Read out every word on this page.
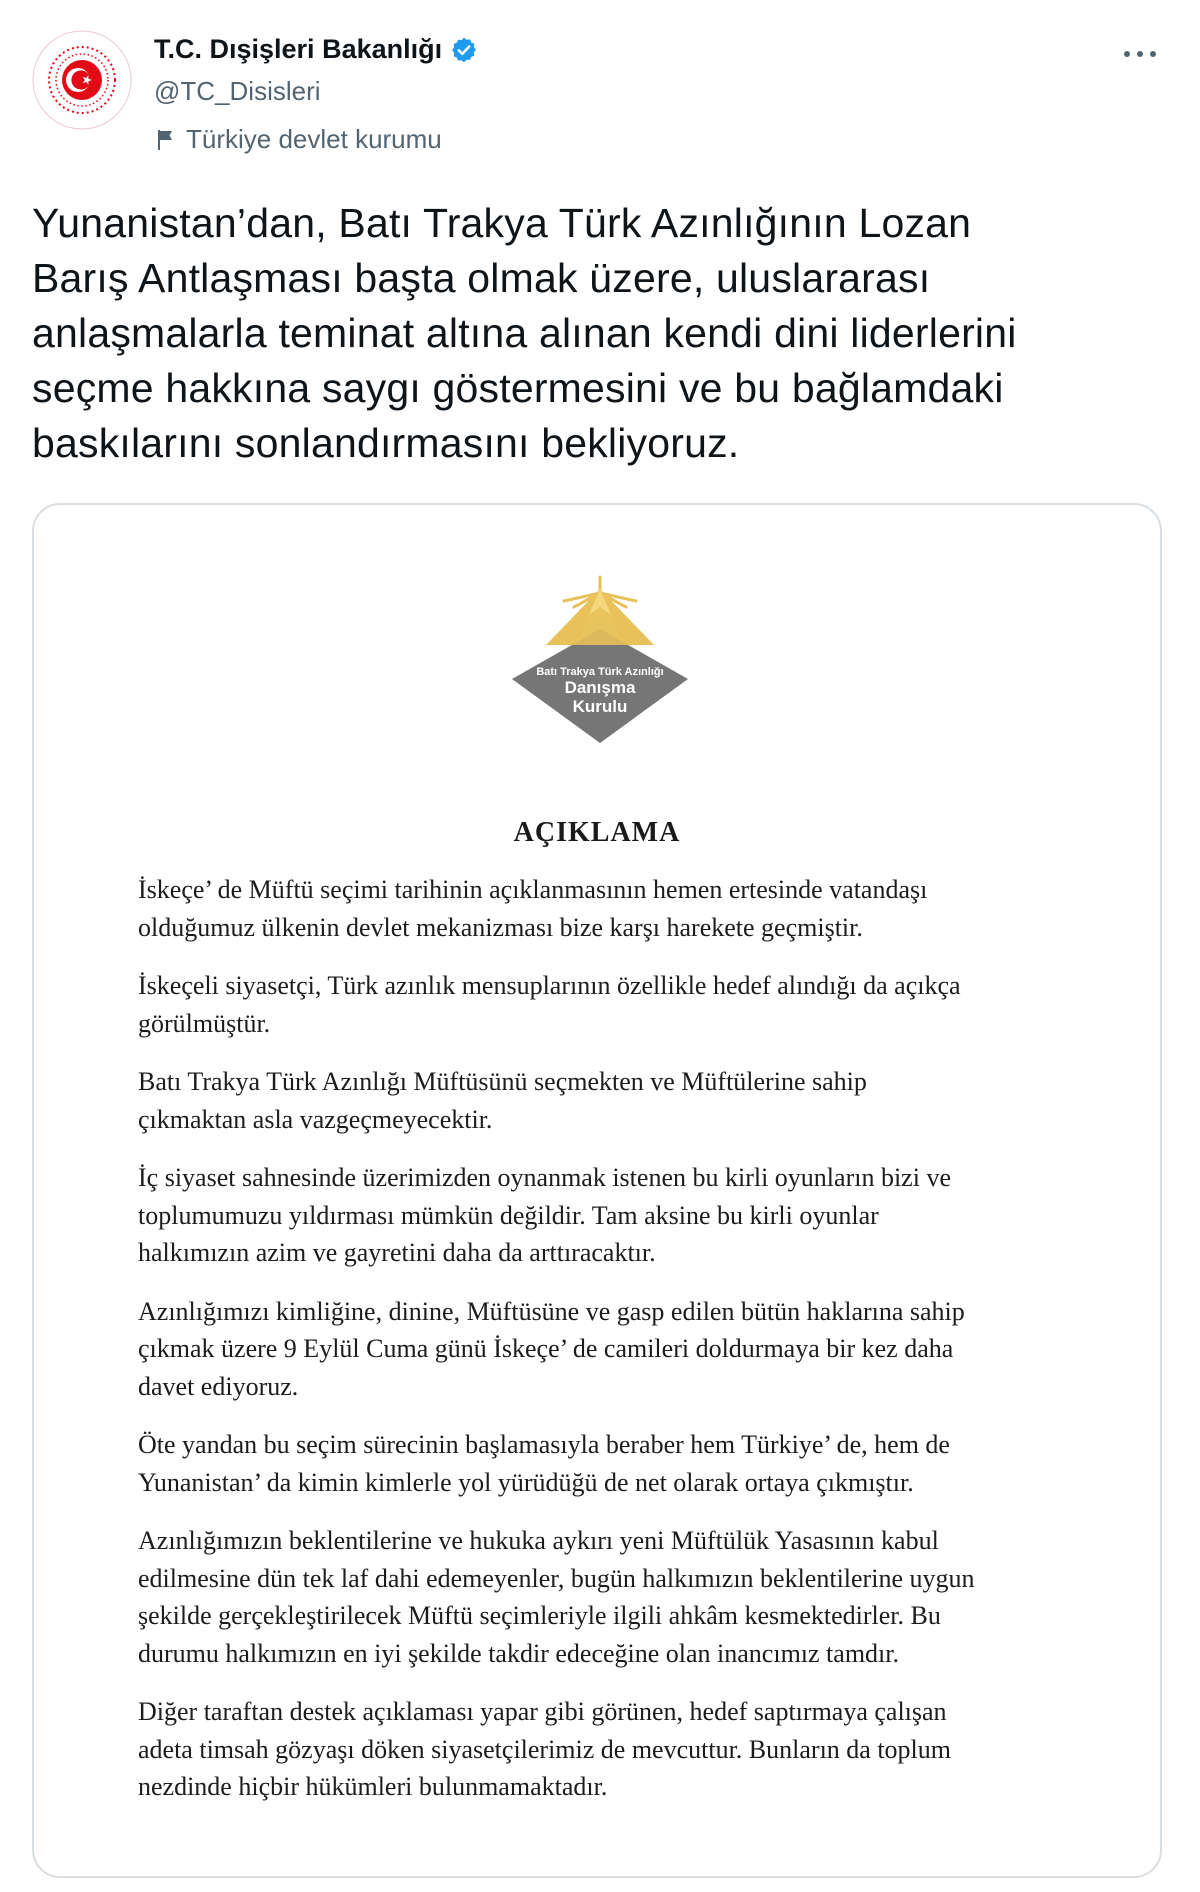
T.C. Dışişleri Bakanlığı
@TC_Disisleri
Türkiye devlet kurumu

Yunanistan’dan, Batı Trakya Türk Azınlığının Lozan

Barış Antlaşması başta olmak üzere, uluslararası

anlaşmalarla teminat altına alınan kendi dini liderlerini

seçme hakkına saygı göstermesini ve bu bağlamdaki

baskılarını sonlandırmasını bekliyoruz.

Batı Trakya Türk Azınlığı
Danışma
Kurulu
AÇIKLAMA

İskeçe’ de Müftü seçimi tarihinin açıklanmasının hemen ertesinde vatandaşı
olduğumuz ülkenin devlet mekanizması bize karşı harekete geçmiştir.

İskeçeli siyasetçi, Türk azınlık mensuplarının özellikle hedef alındığı da açıkça
görülmüştür.

Batı Trakya Türk Azınlığı Müftüsünü seçmekten ve Müftülerine sahip
çıkmaktan asla vazgeçmeyecektir.

İç siyaset sahnesinde üzerimizden oynanmak istenen bu kirli oyunların bizi ve
toplumumuzu yıldırması mümkün değildir. Tam aksine bu kirli oyunlar
halkımızın azim ve gayretini daha da arttıracaktır.

Azınlığımızı kimliğine, dinine, Müftüsüne ve gasp edilen bütün haklarına sahip
çıkmak üzere 9 Eylül Cuma günü İskeçe’ de camileri doldurmaya bir kez daha
davet ediyoruz.

Öte yandan bu seçim sürecinin başlamasıyla beraber hem Türkiye’ de, hem de
Yunanistan’ da kimin kimlerle yol yürüdüğü de net olarak ortaya çıkmıştır.

Azınlığımızın beklentilerine ve hukuka aykırı yeni Müftülük Yasasının kabul
edilmesine dün tek laf dahi edemeyenler, bugün halkımızın beklentilerine uygun
şekilde gerçekleştirilecek Müftü seçimleriyle ilgili ahkâm kesmektedirler. Bu
durumu halkımızın en iyi şekilde takdir edeceğine olan inancımız tamdır.

Diğer taraftan destek açıklaması yapar gibi görünen, hedef saptırmaya çalışan
adeta timsah gözyaşı döken siyasetçilerimiz de mevcuttur. Bunların da toplum
nezdinde hiçbir hükümleri bulunmamaktadır.
